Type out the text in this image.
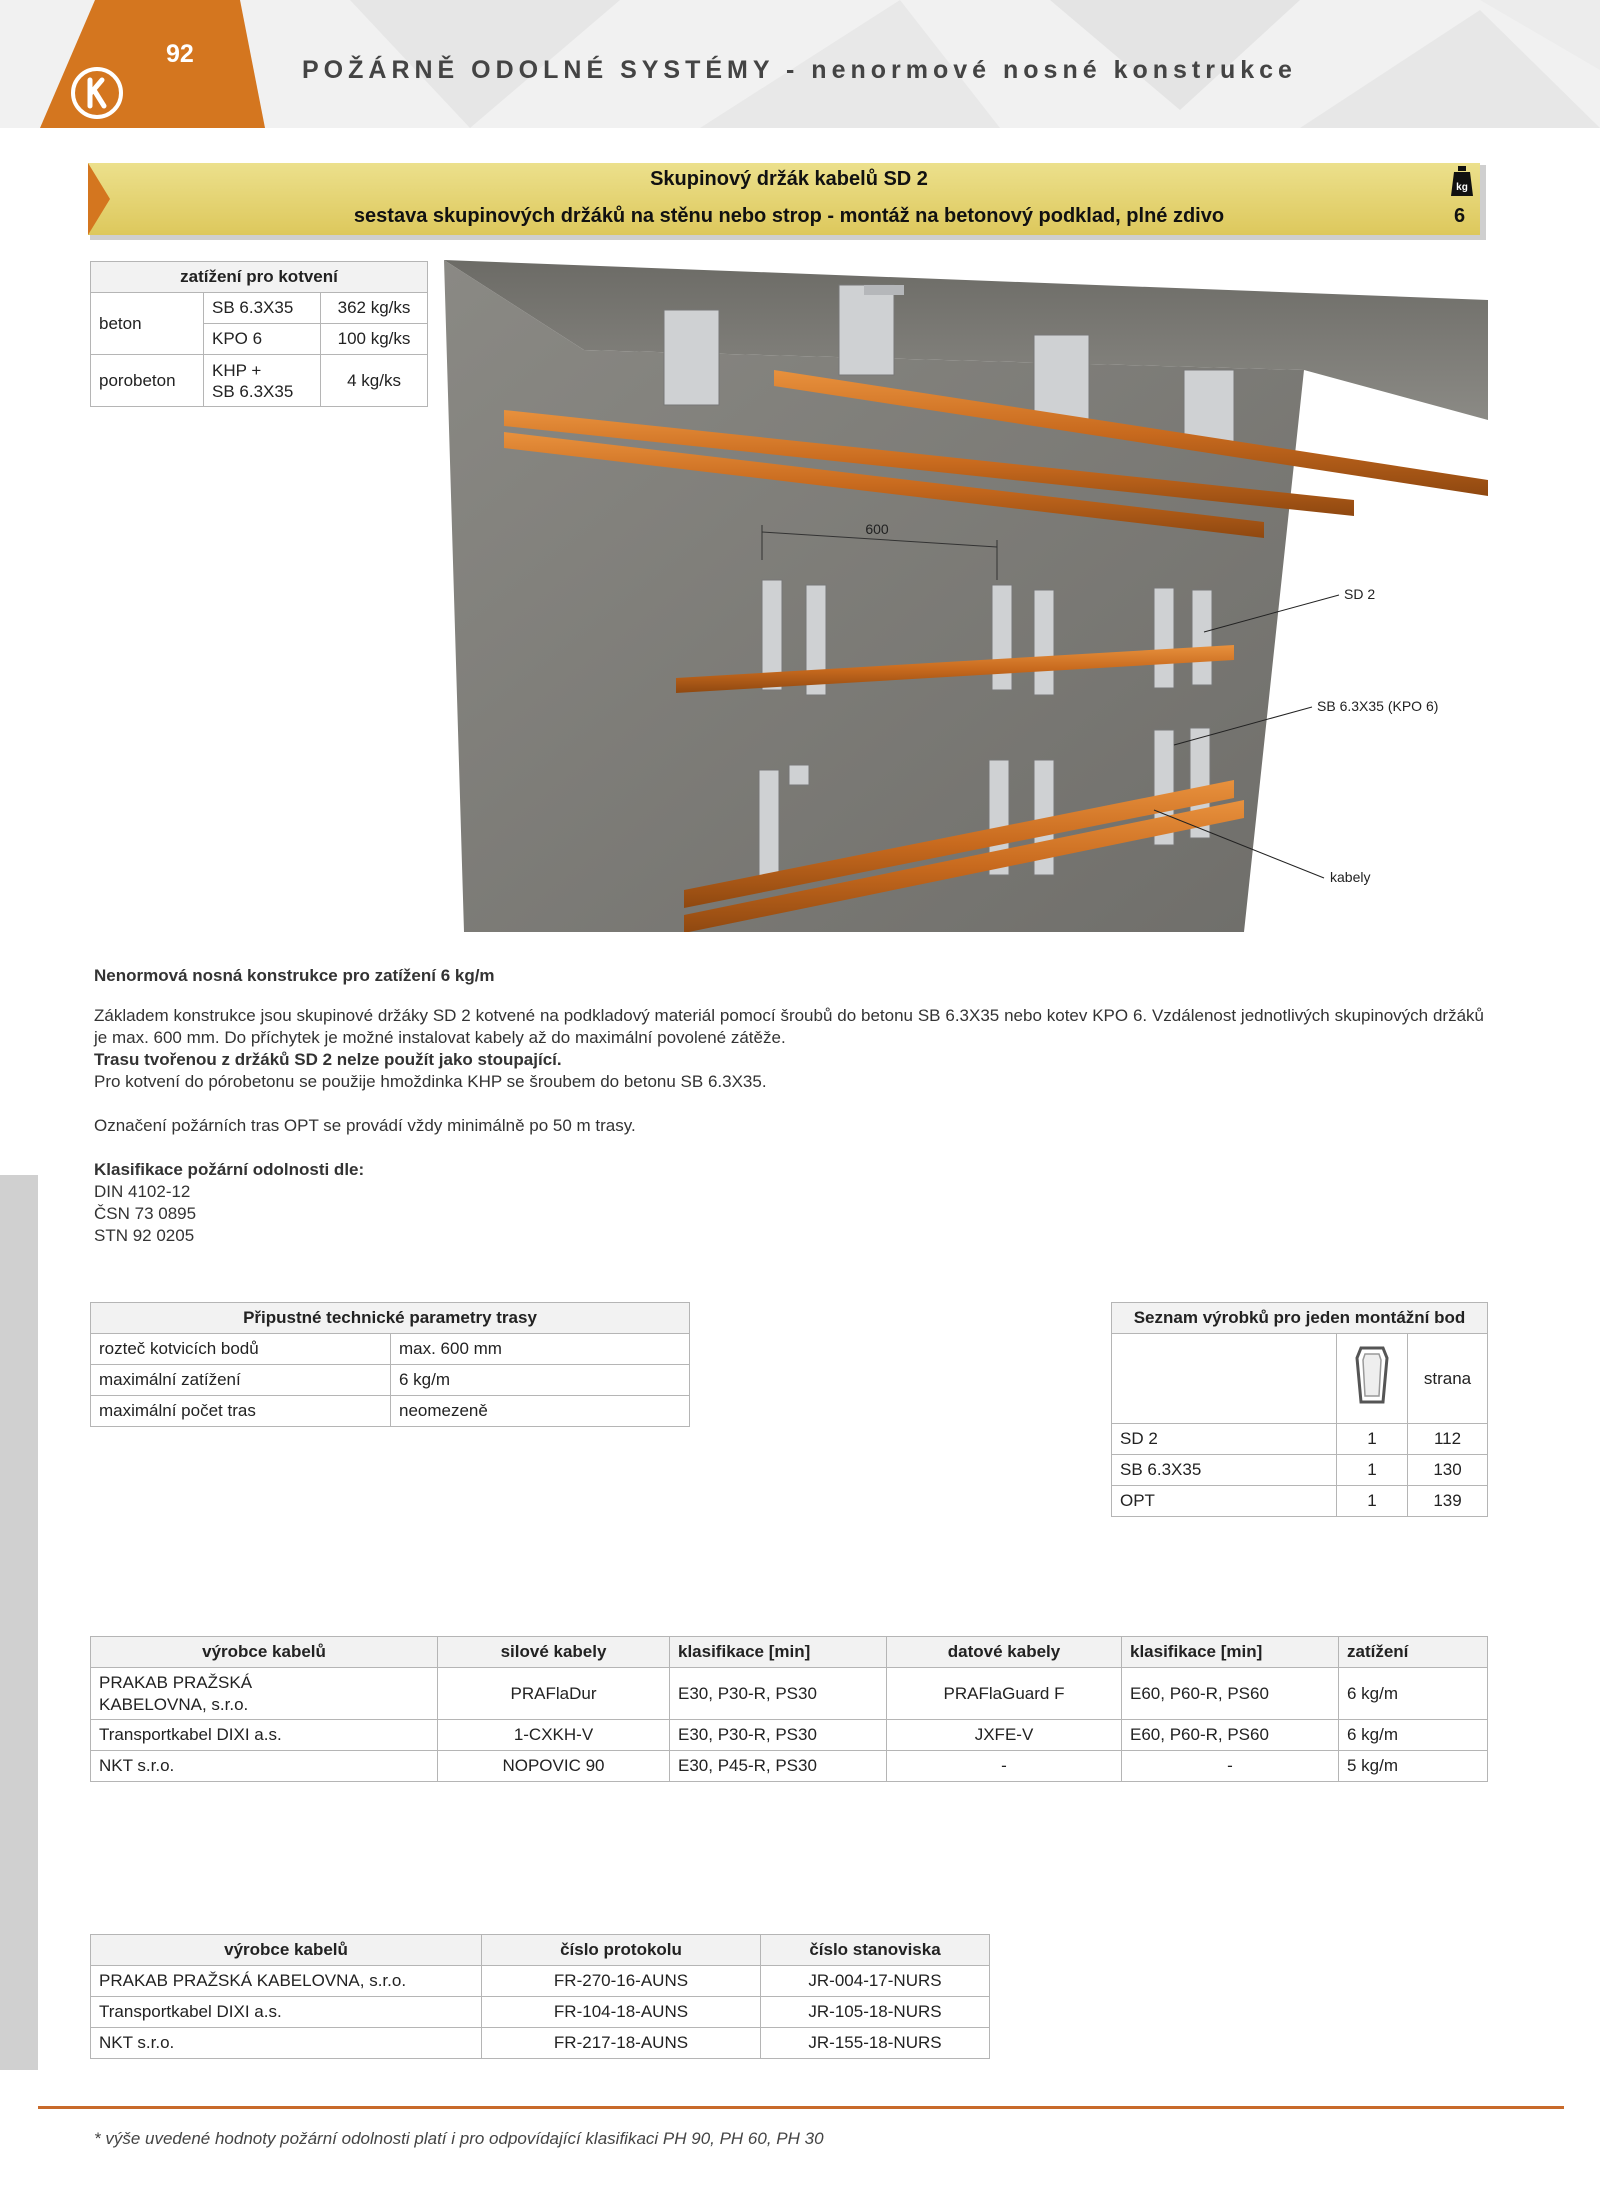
92
POŽÁRNĚ ODOLNÉ SYSTÉMY - nenormové nosné konstrukce
Skupinový držák kabelů SD 2
sestava skupinových držáků na stěnu nebo strop - montáž na betonový podklad, plné zdivo
kg
6
zatížení pro kotvení		
beton	SB 6.3X35	362 kg/ks
	KPO 6	100 kg/ks
porobeton	KHP +
SB 6.3X35	4 kg/ks
600
SD 2
SB 6.3X35 (KPO 6)
kabely

Nenormová nosná konstrukce pro zatížení 6 kg/m

Základem konstrukce jsou skupinové držáky SD 2 kotvené na podkladový materiál pomocí šroubů do betonu SB 6.3X35 nebo kotev KPO 6. Vzdálenost jednotlivých skupinových držáků je max. 600 mm. Do příchytek je možné instalovat kabely až do maximální povolené zátěže.

Trasu tvořenou z držáků SD 2 nelze použít jako stoupající.

Pro kotvení do pórobetonu se použije hmoždinka KHP se šroubem do betonu SB 6.3X35.

Označení požárních tras OPT se provádí vždy minimálně po 50 m trasy.

Klasifikace požární odolnosti dle:

DIN 4102-12

ČSN 73 0895

STN 92 0205

Připustné technické parametry trasy	
rozteč kotvicích bodů	max. 600 mm
maximální zatížení	6 kg/m
maximální počet tras	neomezeně
Seznam výrobků pro jeden montážní bod		
		strana
SD 2	1	112
SB 6.3X35	1	130
OPT	1	139
výrobce kabelů	silové kabely	klasifikace [min]	datové kabely	klasifikace [min]	zatížení
PRAKAB PRAŽSKÁ
KABELOVNA, s.r.o.	PRAFlaDur	E30, P30-R, PS30	PRAFlaGuard F	E60, P60-R, PS60	6 kg/m
Transportkabel DIXI a.s.	1-CXKH-V	E30, P30-R, PS30	JXFE-V	E60, P60-R, PS60	6 kg/m
NKT s.r.o.	NOPOVIC 90	E30, P45-R, PS30	-	-	5 kg/m
výrobce kabelů	číslo protokolu	číslo stanoviska
PRAKAB PRAŽSKÁ KABELOVNA, s.r.o.	FR-270-16-AUNS	JR-004-17-NURS
Transportkabel DIXI a.s.	FR-104-18-AUNS	JR-105-18-NURS
NKT s.r.o.	FR-217-18-AUNS	JR-155-18-NURS
* výše uvedené hodnoty požární odolnosti platí i pro odpovídající klasifikaci PH 90, PH 60, PH 30
